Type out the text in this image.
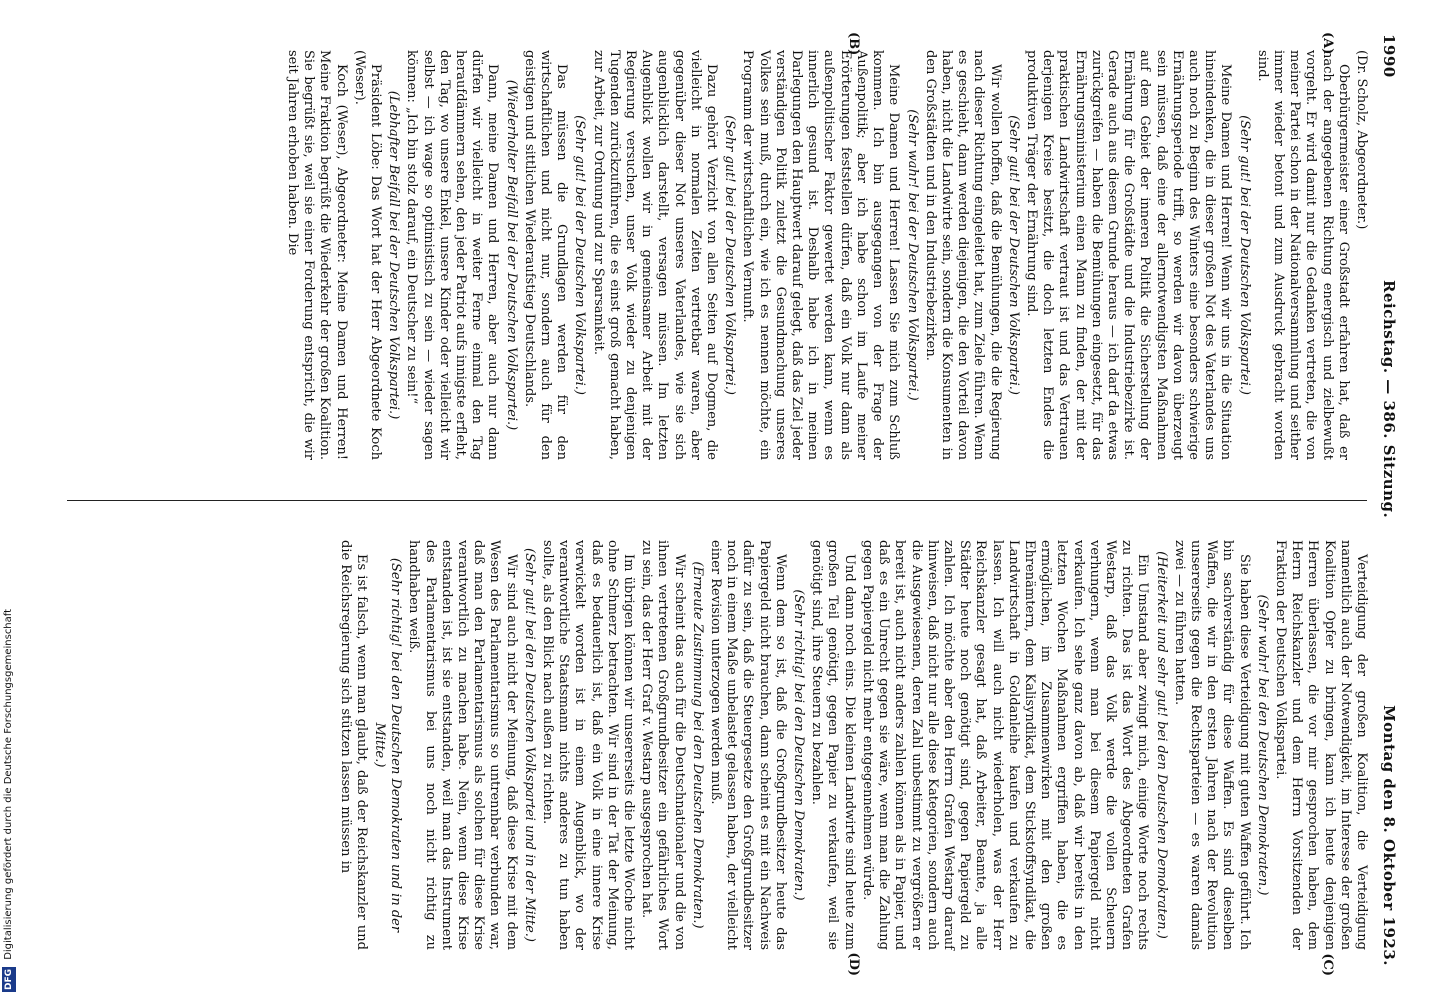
1990
Reichstag. — 386. Sitzung.
Montag den 8. Oktober 1923.
(A)
(B)

(Dr. Scholz, Abgeordneter.)

Oberbürgermeister einer Großstadt erfahren hat, daß er nach der angegebenen Richtung energisch und zielbewußt vorgeht. Er wird damit nur die Gedanken vertreten, die von meiner Partei schon in der Nationalversammlung und seither immer wieder betont und zum Ausdruck gebracht worden sind.

(Sehr gut! bei der Deutschen Volkspartei.)

Meine Damen und Herren! Wenn wir uns in die Situation hineindenken, die in dieser großen Not des Vaterlandes uns auch noch zu Beginn des Winters eine besonders schwierige Ernährungsperiode trifft, so werden wir davon überzeugt sein müssen, daß eine der allernotwendigsten Maßnahmen auf dem Gebiet der inneren Politik die Sicherstellung der Ernährung für die Großstädte und die Industriebezirke ist. Gerade auch aus diesem Grunde heraus — ich darf da etwas zurückgreifen — haben die Bemühungen eingesetzt, für das Ernährungsministerium einen Mann zu finden, der mit der praktischen Landwirtschaft vertraut ist und das Vertrauen derjenigen Kreise besitzt, die doch letzten Endes die produktiven Träger der Ernährung sind.

(Sehr gut! bei der Deutschen Volkspartei.)

Wir wollen hoffen, daß die Bemühungen, die die Regierung nach dieser Richtung eingeleitet hat, zum Ziele führen. Wenn es geschieht, dann werden diejenigen, die den Vorteil davon haben, nicht die Landwirte sein, sondern die Konsumenten in den Großstädten und in den Industriebezirken.

(Sehr wahr! bei der Deutschen Volkspartei.)

Meine Damen und Herren! Lassen Sie mich zum Schluß kommen. Ich bin ausgegangen von der Frage der Außenpolitik; aber ich habe schon im Laufe meiner Erörterungen feststellen dürfen, daß ein Volk nur dann als außenpolitischer Faktor gewertet werden kann, wenn es innerlich gesund ist. Deshalb habe ich in meinen Darlegungen den Hauptwert darauf gelegt, daß das Ziel jeder verständigen Politik zuletzt die Gesundmachung unseres Volkes sein muß, durch ein, wie ich es nennen möchte, ein Programm der wirtschaftlichen Vernunft.

(Sehr gut! bei der Deutschen Volkspartei.)

Dazu gehört Verzicht von allen Seiten auf Dogmen, die vielleicht in normalen Zeiten vertretbar waren, aber gegenüber dieser Not unseres Vaterlandes, wie sie sich augenblicklich darstellt, versagen müssen. Im letzten Augenblick wollen wir in gemeinsamer Arbeit mit der Regierung versuchen, unser Volk wieder zu denjenigen Tugenden zurückzuführen, die es einst groß gemacht haben, zur Arbeit, zur Ordnung und zur Sparsamkeit.

(Sehr gut! bei der Deutschen Volkspartei.)

Das müssen die Grundlagen werden für den wirtschaftlichen und nicht nur, sondern auch für den geistigen und sittlichen Wiederaufstieg Deutschlands.

(Wiederholter Beifall bei der Deutschen Volkspartei.)

Dann, meine Damen und Herren, aber auch nur dann dürfen wir vielleicht in weiter Ferne einmal den Tag heraufdämmern sehen, den jeder Patriot aufs innigste erfleht, den Tag, wo unsere Enkel, unsere Kinder oder vielleicht wir selbst — ich wage so optimistisch zu sein — wieder sagen können: „Ich bin stolz darauf, ein Deutscher zu sein!“

(Lebhafter Beifall bei der Deutschen Volkspartei.)

Präsident Löbe: Das Wort hat der Herr Abgeordnete Koch (Weser).

Koch (Weser), Abgeordneter: Meine Damen und Herren! Meine Fraktion begrüßt die Wiederkehr der großen Koalition. Sie begrüßt sie, weil sie einer Forderung entspricht, die wir seit Jahren erhoben haben. Die

(C)
(D)

Verteidigung der großen Koalition, die Verteidigung namentlich auch der Notwendigkeit, im Interesse der großen Koalition Opfer zu bringen, kann ich heute denjenigen Herren überlassen, die vor mir gesprochen haben, dem Herrn Reichskanzler und dem Herrn Vorsitzenden der Fraktion der Deutschen Volkspartei.

(Sehr wahr! bei den Deutschen Demokraten.)

Sie haben diese Verteidigung mit guten Waffen geführt. Ich bin sachverständig für diese Waffen. Es sind dieselben Waffen, die wir in den ersten Jahren nach der Revolution unsererseits gegen die Rechtsparteien — es waren damals zwei — zu führen hatten.

(Heiterkeit und sehr gut! bei den Deutschen Demokraten.)

Ein Umstand aber zwingt mich, einige Worte noch rechts zu richten. Das ist das Wort des Abgeordneten Grafen Westarp, daß das Volk werde die vollen Scheuern verhungern, wenn man bei diesem Papiergeld nicht verkaufen. Ich sehe ganz davon ab, daß wir bereits in den letzten Wochen Maßnahmen ergriffen haben, die es ermöglichen, im Zusammenwirken mit den großen Ehrenämtern, dem Kalisyndikat, dem Stickstoffsyndikat, die Landwirtschaft in Goldanleihe kaufen und verkaufen zu lassen. Ich will auch nicht wiederholen, was der Herr Reichskanzler gesagt hat, daß Arbeiter, Beamte, ja alle Städter heute noch genötigt sind, gegen Papiergeld zu zahlen. Ich möchte aber den Herrn Grafen Westarp darauf hinweisen, daß nicht nur alle diese Kategorien, sondern auch die Ausgewiesenen, deren Zahl unbestimmt zu vergrößern er bereit ist, auch nicht anders zahlen können als in Papier, und daß es ein Unrecht gegen sie wäre, wenn man die Zahlung gegen Papiergeld nicht mehr entgegennehmen würde.

Und dann noch eins. Die kleinen Landwirte sind heute zum großen Teil genötigt, gegen Papier zu verkaufen, weil sie genötigt sind, ihre Steuern zu bezahlen.

(Sehr richtig! bei den Deutschen Demokraten.)

Wenn dem so ist, daß die Großgrundbesitzer heute das Papiergeld nicht brauchen, dann scheint es mit ein Nachweis dafür zu sein, daß die Steuergesetze den Großgrundbesitzer noch in einem Maße unbelastet gelassen haben, der vielleicht einer Revision unterzogen werden muß.

(Erneute Zustimmung bei den Deutschen Demokraten.)

Wir scheint das auch für die Deutschnationaler und die von ihnen vertretenen Großgrundbesitzer ein gefährliches Wort zu sein, das der Herr Graf v. Westarp ausgesprochen hat.

Im übrigen können wir unsererseits die letzte Woche nicht ohne Schmerz betrachten. Wir sind in der Tat der Meinung, daß es bedauerlich ist, daß ein Volk in eine innere Krise verwickelt worden ist in einem Augenblick, wo der verantwortliche Staatsmann nichts anderes zu tun haben sollte, als den Blick nach außen zu richten.

(Sehr gut! bei den Deutschen Volkspartei und in der Mitte.)

Wir sind auch nicht der Meinung, daß diese Krise mit dem Wesen des Parlamentarismus so untrennbar verbunden war, daß man den Parlamentarismus als solchen für diese Krise verantwortlich zu machen habe. Nein, wenn diese Krise entstanden ist, ist sie entstanden, weil man das Instrument des Parlamentarismus bei uns noch nicht richtig zu handhaben weiß.

(Sehr richtig! bei den Deutschen Demokraten und in der Mitte.)

Es ist falsch, wenn man glaubt, daß der Reichskanzler und die Reichsregierung sich stützen lassen müssen in

DFG Digitalisierung gefördert durch die Deutsche Forschungsgemeinschaft
